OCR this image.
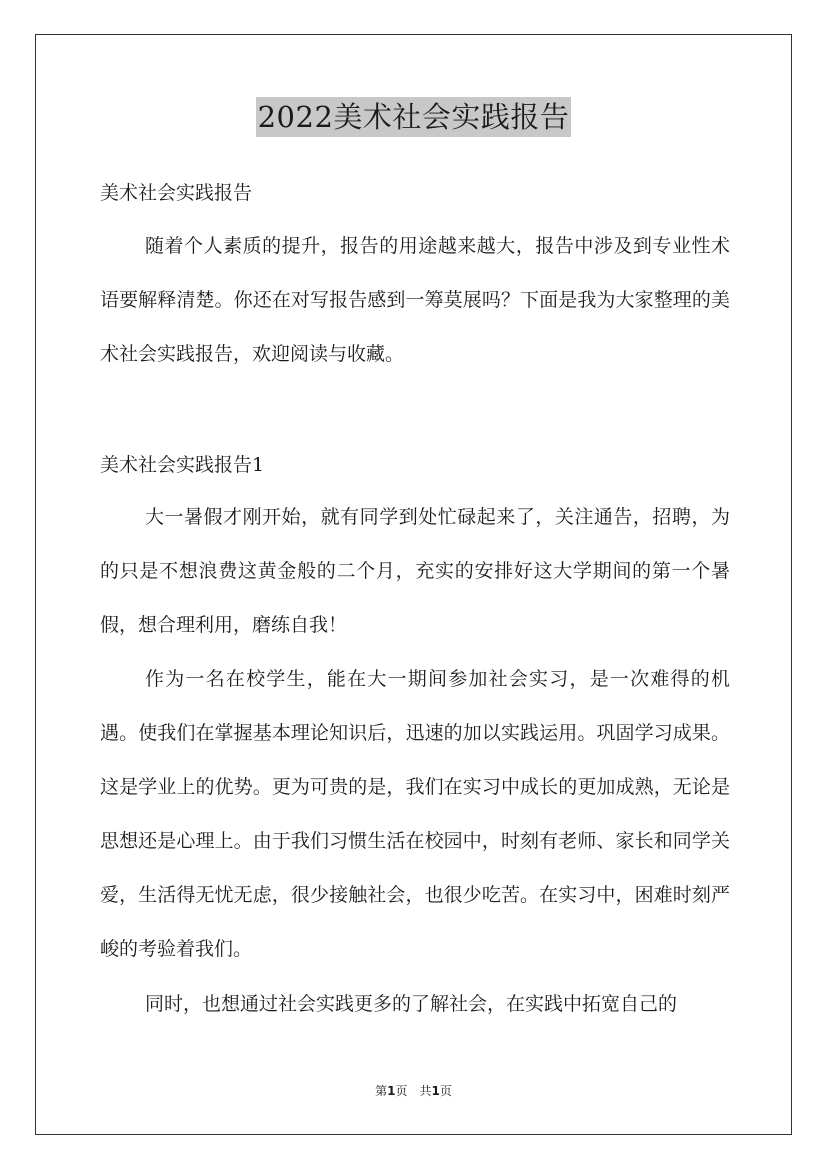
2022美术社会实践报告
美术社会实践报告
随着个人素质的提升，报告的用途越来越大，报告中涉及到专业性术语要解释清楚。你还在对写报告感到一筹莫展吗？下面是我为大家整理的美术社会实践报告，欢迎阅读与收藏。
美术社会实践报告1
大一暑假才刚开始，就有同学到处忙碌起来了，关注通告，招聘，为的只是不想浪费这黄金般的二个月，充实的安排好这大学期间的第一个暑假，想合理利用，磨练自我！
作为一名在校学生，能在大一期间参加社会实习，是一次难得的机遇。使我们在掌握基本理论知识后，迅速的加以实践运用。巩固学习成果。这是学业上的优势。更为可贵的是，我们在实习中成长的更加成熟，无论是思想还是心理上。由于我们习惯生活在校园中，时刻有老师、家长和同学关爱，生活得无忧无虑，很少接触社会，也很少吃苦。在实习中，困难时刻严峻的考验着我们。
同时，也想通过社会实践更多的了解社会，在实践中拓宽自己的
第1页　共1页
